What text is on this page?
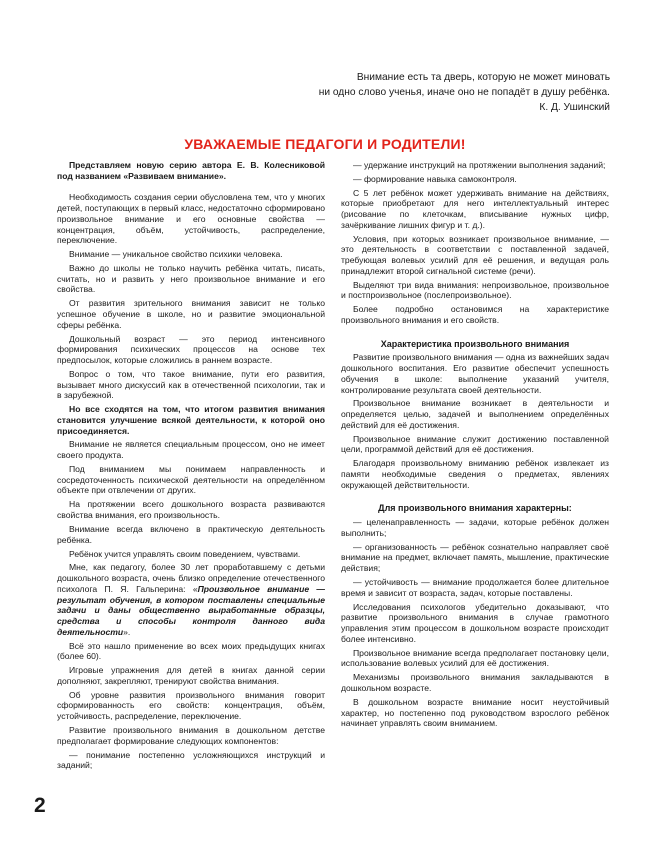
Внимание есть та дверь, которую не может миновать
ни одно слово ученья, иначе оно не попадёт в душу ребёнка.

К. Д. Ушинский
УВАЖАЕМЫЕ ПЕДАГОГИ И РОДИТЕЛИ!

Представляем новую серию автора Е. В. Колесниковой под названием «Развиваем внимание».

Необходимость создания серии обусловлена тем, что у многих детей, поступающих в первый класс, недостаточно сформировано произвольное внимание и его основные свойства — концентрация, объём, устойчивость, распределение, переключение.

Внимание — уникальное свойство психики человека.

Важно до школы не только научить ребёнка читать, писать, считать, но и развить у него произвольное внимание и его свойства.

От развития зрительного внимания зависит не только успешное обучение в школе, но и развитие эмоциональной сферы ребёнка.

Дошкольный возраст — это период интенсивного формирования психических процессов на основе тех предпосылок, которые сложились в раннем возрасте.

Вопрос о том, что такое внимание, пути его развития, вызывает много дискуссий как в отечественной психологии, так и в зарубежной.

Но все сходятся на том, что итогом развития внимания становится улучшение всякой деятельности, к которой оно присоединяется.

Внимание не является специальным процессом, оно не имеет своего продукта.

Под вниманием мы понимаем направленность и сосредоточенность психической деятельности на определённом объекте при отвлечении от других.

На протяжении всего дошкольного возраста развиваются свойства внимания, его произвольность.

Внимание всегда включено в практическую деятельность ребёнка.

Ребёнок учится управлять своим поведением, чувствами.

Мне, как педагогу, более 30 лет проработавшему с детьми дошкольного возраста, очень близко определение отечественного психолога П. Я. Гальперина: «Произвольное внимание — результат обучения, в котором поставлены специальные задачи и даны общественно выработанные образцы, средства и способы контроля данного вида деятельности».

Всё это нашло применение во всех моих предыдущих книгах (более 60).

Игровые упражнения для детей в книгах данной серии дополняют, закрепляют, тренируют свойства внимания.

Об уровне развития произвольного внимания говорит сформированность его свойств: концентрация, объём, устойчивость, распределение, переключение.

Развитие произвольного внимания в дошкольном детстве предполагает формирование следующих компонентов:

— понимание постепенно усложняющихся инструкций и заданий;

— удержание инструкций на протяжении выполнения заданий;

— формирование навыка самоконтроля.

С 5 лет ребёнок может удерживать внимание на действиях, которые приобретают для него интеллектуальный интерес (рисование по клеточкам, вписывание нужных цифр, зачёркивание лишних фигур и т. д.).

Условия, при которых возникает произвольное внимание, — это деятельность в соответствии с поставленной задачей, требующая волевых усилий для её решения, и ведущая роль принадлежит второй сигнальной системе (речи).

Выделяют три вида внимания: непроизвольное, произвольное и постпроизвольное (послепроизвольное).

Более подробно остановимся на характеристике произвольного внимания и его свойств.

Характеристика произвольного внимания

Развитие произвольного внимания — одна из важнейших задач дошкольного воспитания. Его развитие обеспечит успешность обучения в школе: выполнение указаний учителя, контролирование результата своей деятельности.

Произвольное внимание возникает в деятельности и определяется целью, задачей и выполнением определённых действий для её достижения.

Произвольное внимание служит достижению поставленной цели, программой действий для её достижения.

Благодаря произвольному вниманию ребёнок извлекает из памяти необходимые сведения о предметах, явлениях окружающей действительности.

Для произвольного внимания характерны:

— целенаправленность — задачи, которые ребёнок должен выполнить;

— организованность — ребёнок сознательно направляет своё внимание на предмет, включает память, мышление, практические действия;

— устойчивость — внимание продолжается более длительное время и зависит от возраста, задач, которые поставлены.

Исследования психологов убедительно доказывают, что развитие произвольного внимания в случае грамотного управления этим процессом в дошкольном возрасте происходит более интенсивно.

Произвольное внимание всегда предполагает постановку цели, использование волевых усилий для её достижения.

Механизмы произвольного внимания закладываются в дошкольном возрасте.

В дошкольном возрасте внимание носит неустойчивый характер, но постепенно под руководством взрослого ребёнок начинает управлять своим вниманием.

2
